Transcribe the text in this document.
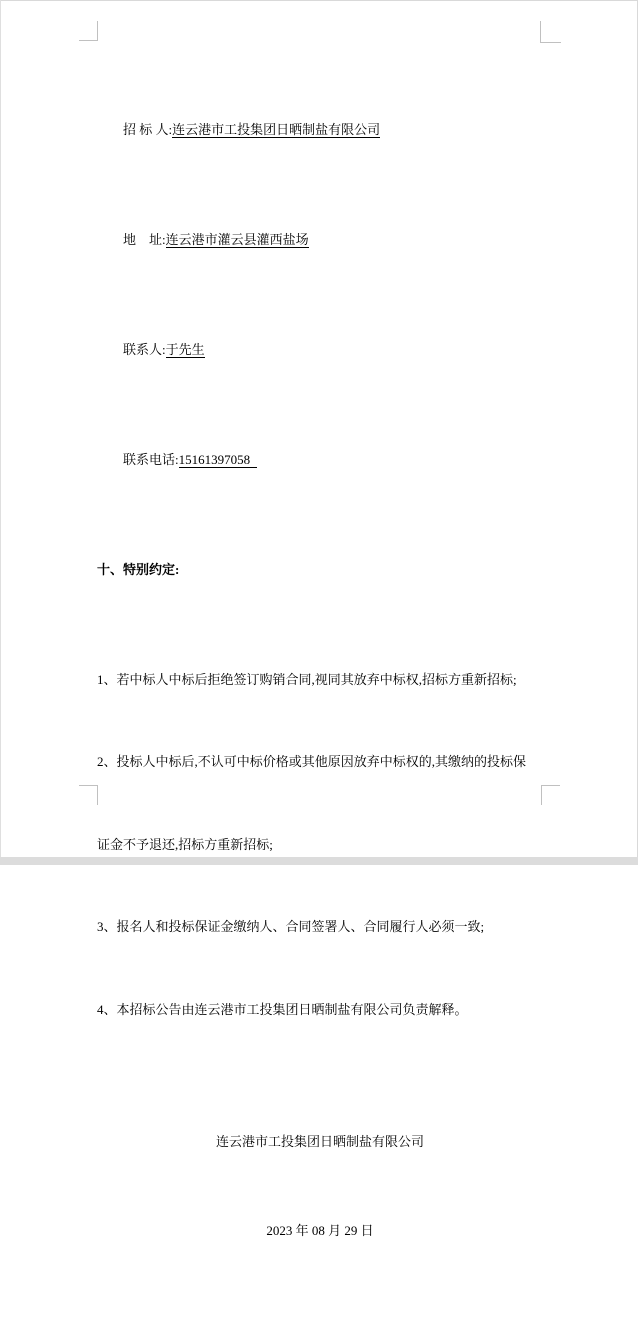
招 标 人:连云港市工投集团日晒制盐有限公司

地    址:连云港市灌云县灌西盐场

联系人:于先生

联系电话:15161397058

十、特别约定:

1、若中标人中标后拒绝签订购销合同,视同其放弃中标权,招标方重新招标;

2、投标人中标后,不认可中标价格或其他原因放弃中标权的,其缴纳的投标保

证金不予退还,招标方重新招标;

3、报名人和投标保证金缴纳人、合同签署人、合同履行人必须一致;

4、本招标公告由连云港市工投集团日晒制盐有限公司负责解释。

连云港市工投集团日晒制盐有限公司

2023 年 08 月 29 日
